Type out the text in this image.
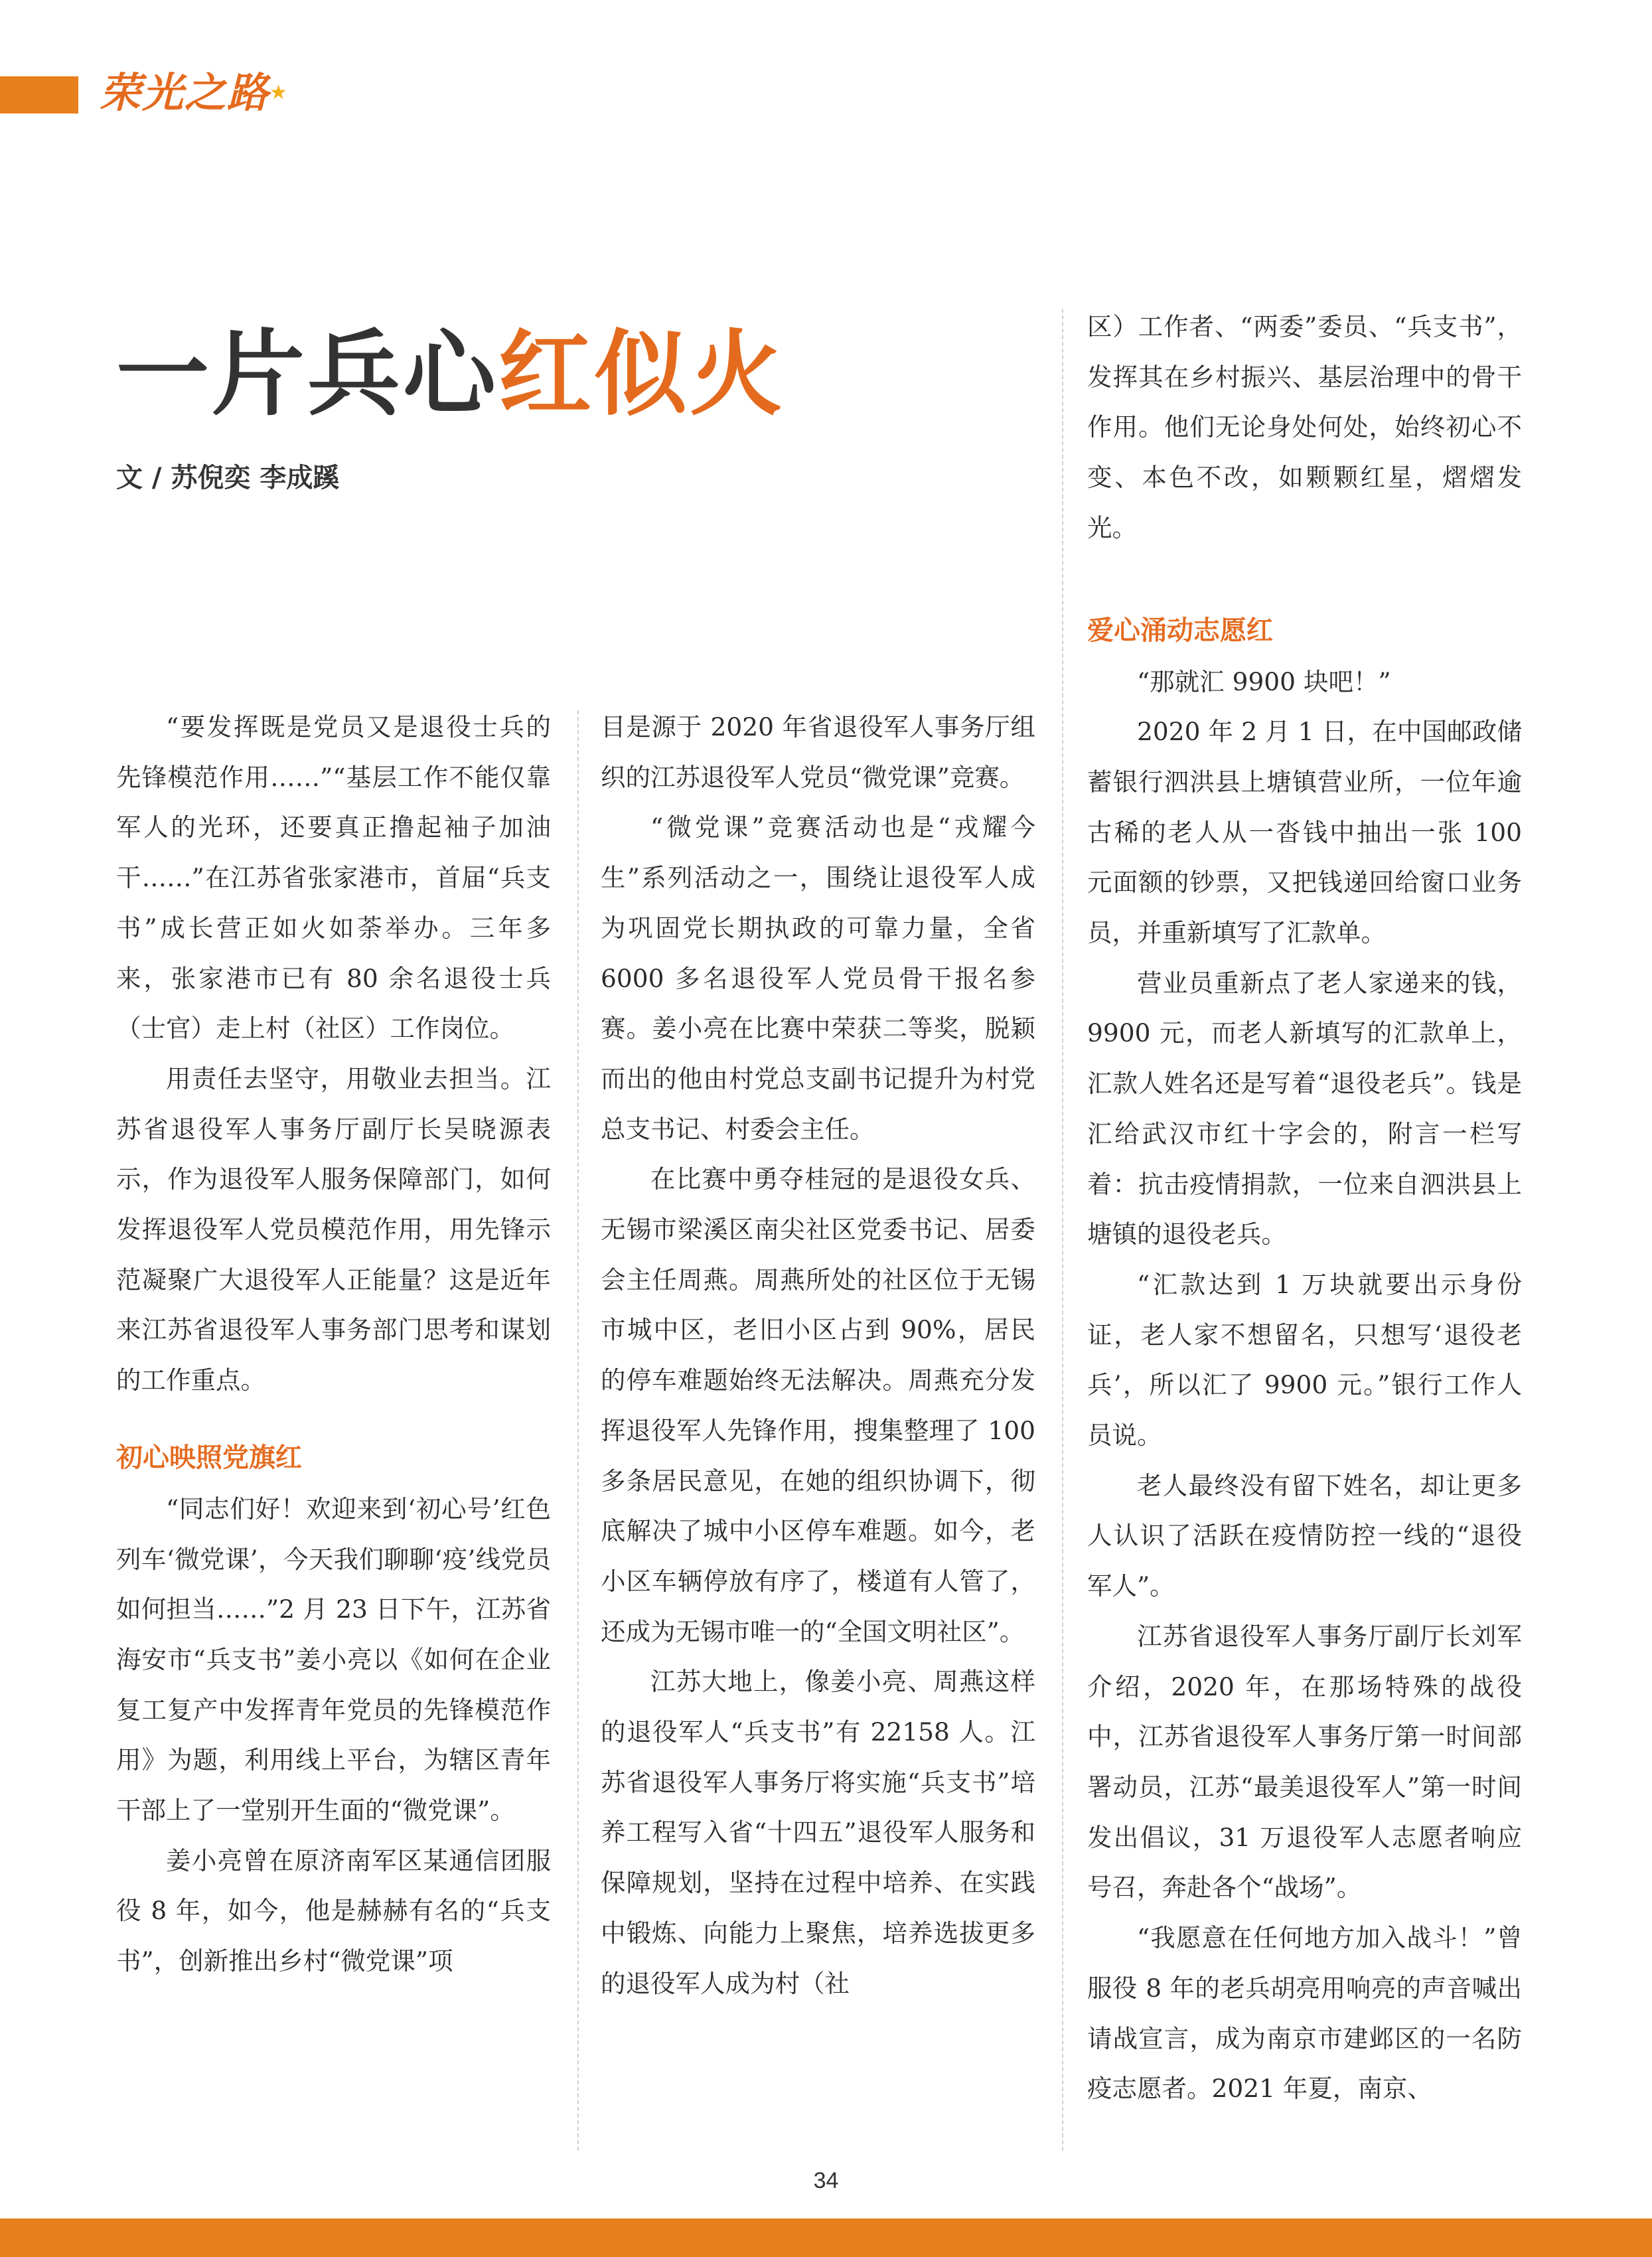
荣光之路★
一片兵心红似火
文 / 苏倪奕 李成蹊

“要发挥既是党员又是退役士兵的先锋模范作用……”“基层工作不能仅靠军人的光环，还要真正撸起袖子加油干……”在江苏省张家港市，首届“兵支书”成长营正如火如荼举办。三年多来，张家港市已有 80 余名退役士兵（士官）走上村（社区）工作岗位。

用责任去坚守，用敬业去担当。江苏省退役军人事务厅副厅长吴晓源表示，作为退役军人服务保障部门，如何发挥退役军人党员模范作用，用先锋示范凝聚广大退役军人正能量？这是近年来江苏省退役军人事务部门思考和谋划的工作重点。

初心映照党旗红

“同志们好！欢迎来到‘初心号’红色列车‘微党课’，今天我们聊聊‘疫’线党员如何担当……”2 月 23 日下午，江苏省海安市“兵支书”姜小亮以《如何在企业复工复产中发挥青年党员的先锋模范作用》为题，利用线上平台，为辖区青年干部上了一堂别开生面的“微党课”。

姜小亮曾在原济南军区某通信团服役 8 年，如今，他是赫赫有名的“兵支书”，创新推出乡村“微党课”项

目是源于 2020 年省退役军人事务厅组织的江苏退役军人党员“微党课”竞赛。

“微党课”竞赛活动也是“戎耀今生”系列活动之一，围绕让退役军人成为巩固党长期执政的可靠力量，全省 6000 多名退役军人党员骨干报名参赛。姜小亮在比赛中荣获二等奖，脱颖而出的他由村党总支副书记提升为村党总支书记、村委会主任。

在比赛中勇夺桂冠的是退役女兵、无锡市梁溪区南尖社区党委书记、居委会主任周燕。周燕所处的社区位于无锡市城中区，老旧小区占到 90%，居民的停车难题始终无法解决。周燕充分发挥退役军人先锋作用，搜集整理了 100 多条居民意见，在她的组织协调下，彻底解决了城中小区停车难题。如今，老小区车辆停放有序了，楼道有人管了，还成为无锡市唯一的“全国文明社区”。

江苏大地上，像姜小亮、周燕这样的退役军人“兵支书”有 22158 人。江苏省退役军人事务厅将实施“兵支书”培养工程写入省“十四五”退役军人服务和保障规划，坚持在过程中培养、在实践中锻炼、向能力上聚焦，培养选拔更多的退役军人成为村（社

区）工作者、“两委”委员、“兵支书”，发挥其在乡村振兴、基层治理中的骨干作用。他们无论身处何处，始终初心不变、本色不改，如颗颗红星，熠熠发光。

爱心涌动志愿红

“那就汇 9900 块吧！”

2020 年 2 月 1 日，在中国邮政储蓄银行泗洪县上塘镇营业所，一位年逾古稀的老人从一沓钱中抽出一张 100 元面额的钞票，又把钱递回给窗口业务员，并重新填写了汇款单。

营业员重新点了老人家递来的钱，9900 元，而老人新填写的汇款单上，汇款人姓名还是写着“退役老兵”。钱是汇给武汉市红十字会的，附言一栏写着：抗击疫情捐款，一位来自泗洪县上塘镇的退役老兵。

“汇款达到 1 万块就要出示身份证，老人家不想留名，只想写‘退役老兵’，所以汇了 9900 元。”银行工作人员说。

老人最终没有留下姓名，却让更多人认识了活跃在疫情防控一线的“退役军人”。

江苏省退役军人事务厅副厅长刘军介绍，2020 年，在那场特殊的战役中，江苏省退役军人事务厅第一时间部署动员，江苏“最美退役军人”第一时间发出倡议，31 万退役军人志愿者响应号召，奔赴各个“战场”。

“我愿意在任何地方加入战斗！”曾服役 8 年的老兵胡亮用响亮的声音喊出请战宣言，成为南京市建邺区的一名防疫志愿者。2021 年夏，南京、

34
